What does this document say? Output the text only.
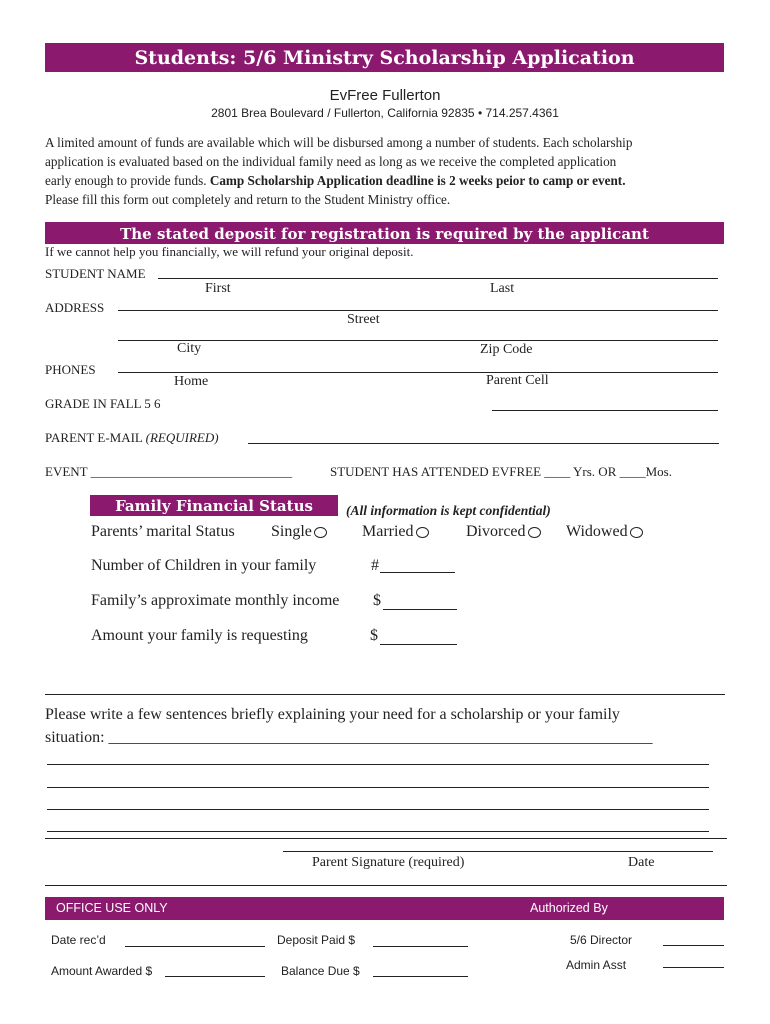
Students: 5/6 Ministry Scholarship Application
EvFree Fullerton
2801 Brea Boulevard / Fullerton, California 92835 • 714.257.4361
A limited amount of funds are available which will be disbursed among a number of students. Each scholarship
application is evaluated based on the individual family need as long as we receive the completed application
early enough to provide funds. Camp Scholarship Application deadline is 2 weeks peior to camp or event.
Please fill this form out completely and return to the Student Ministry office.
The stated deposit for registration is required by the applicant
If we cannot help you financially, we will refund your original deposit.
STUDENT NAME
First	Last
ADDRESS
Street
City	Zip Code
PHONES
Home	Parent Cell
GRADE IN FALL 5 6
PARENT E-MAIL (REQUIRED)
EVENT _______________________________	STUDENT HAS ATTENDED EVFREE ____ Yrs. OR ____Mos.
Family Financial Status	(All information is kept confidential)
Parents’ marital Status Single	Married	Divorced	Widowed
Number of Children in your family	#
Family’s approximate monthly income $
Amount your family is requesting	$
Please write a few sentences briefly explaining your need for a scholarship or your family
situation: ____________________________________________________________________
Parent Signature (required)	Date
OFFICE USE ONLY	Authorized By
Date rec’d	Deposit Paid $	5/6 Director
Amount Awarded $	Balance Due $	Admin Asst
